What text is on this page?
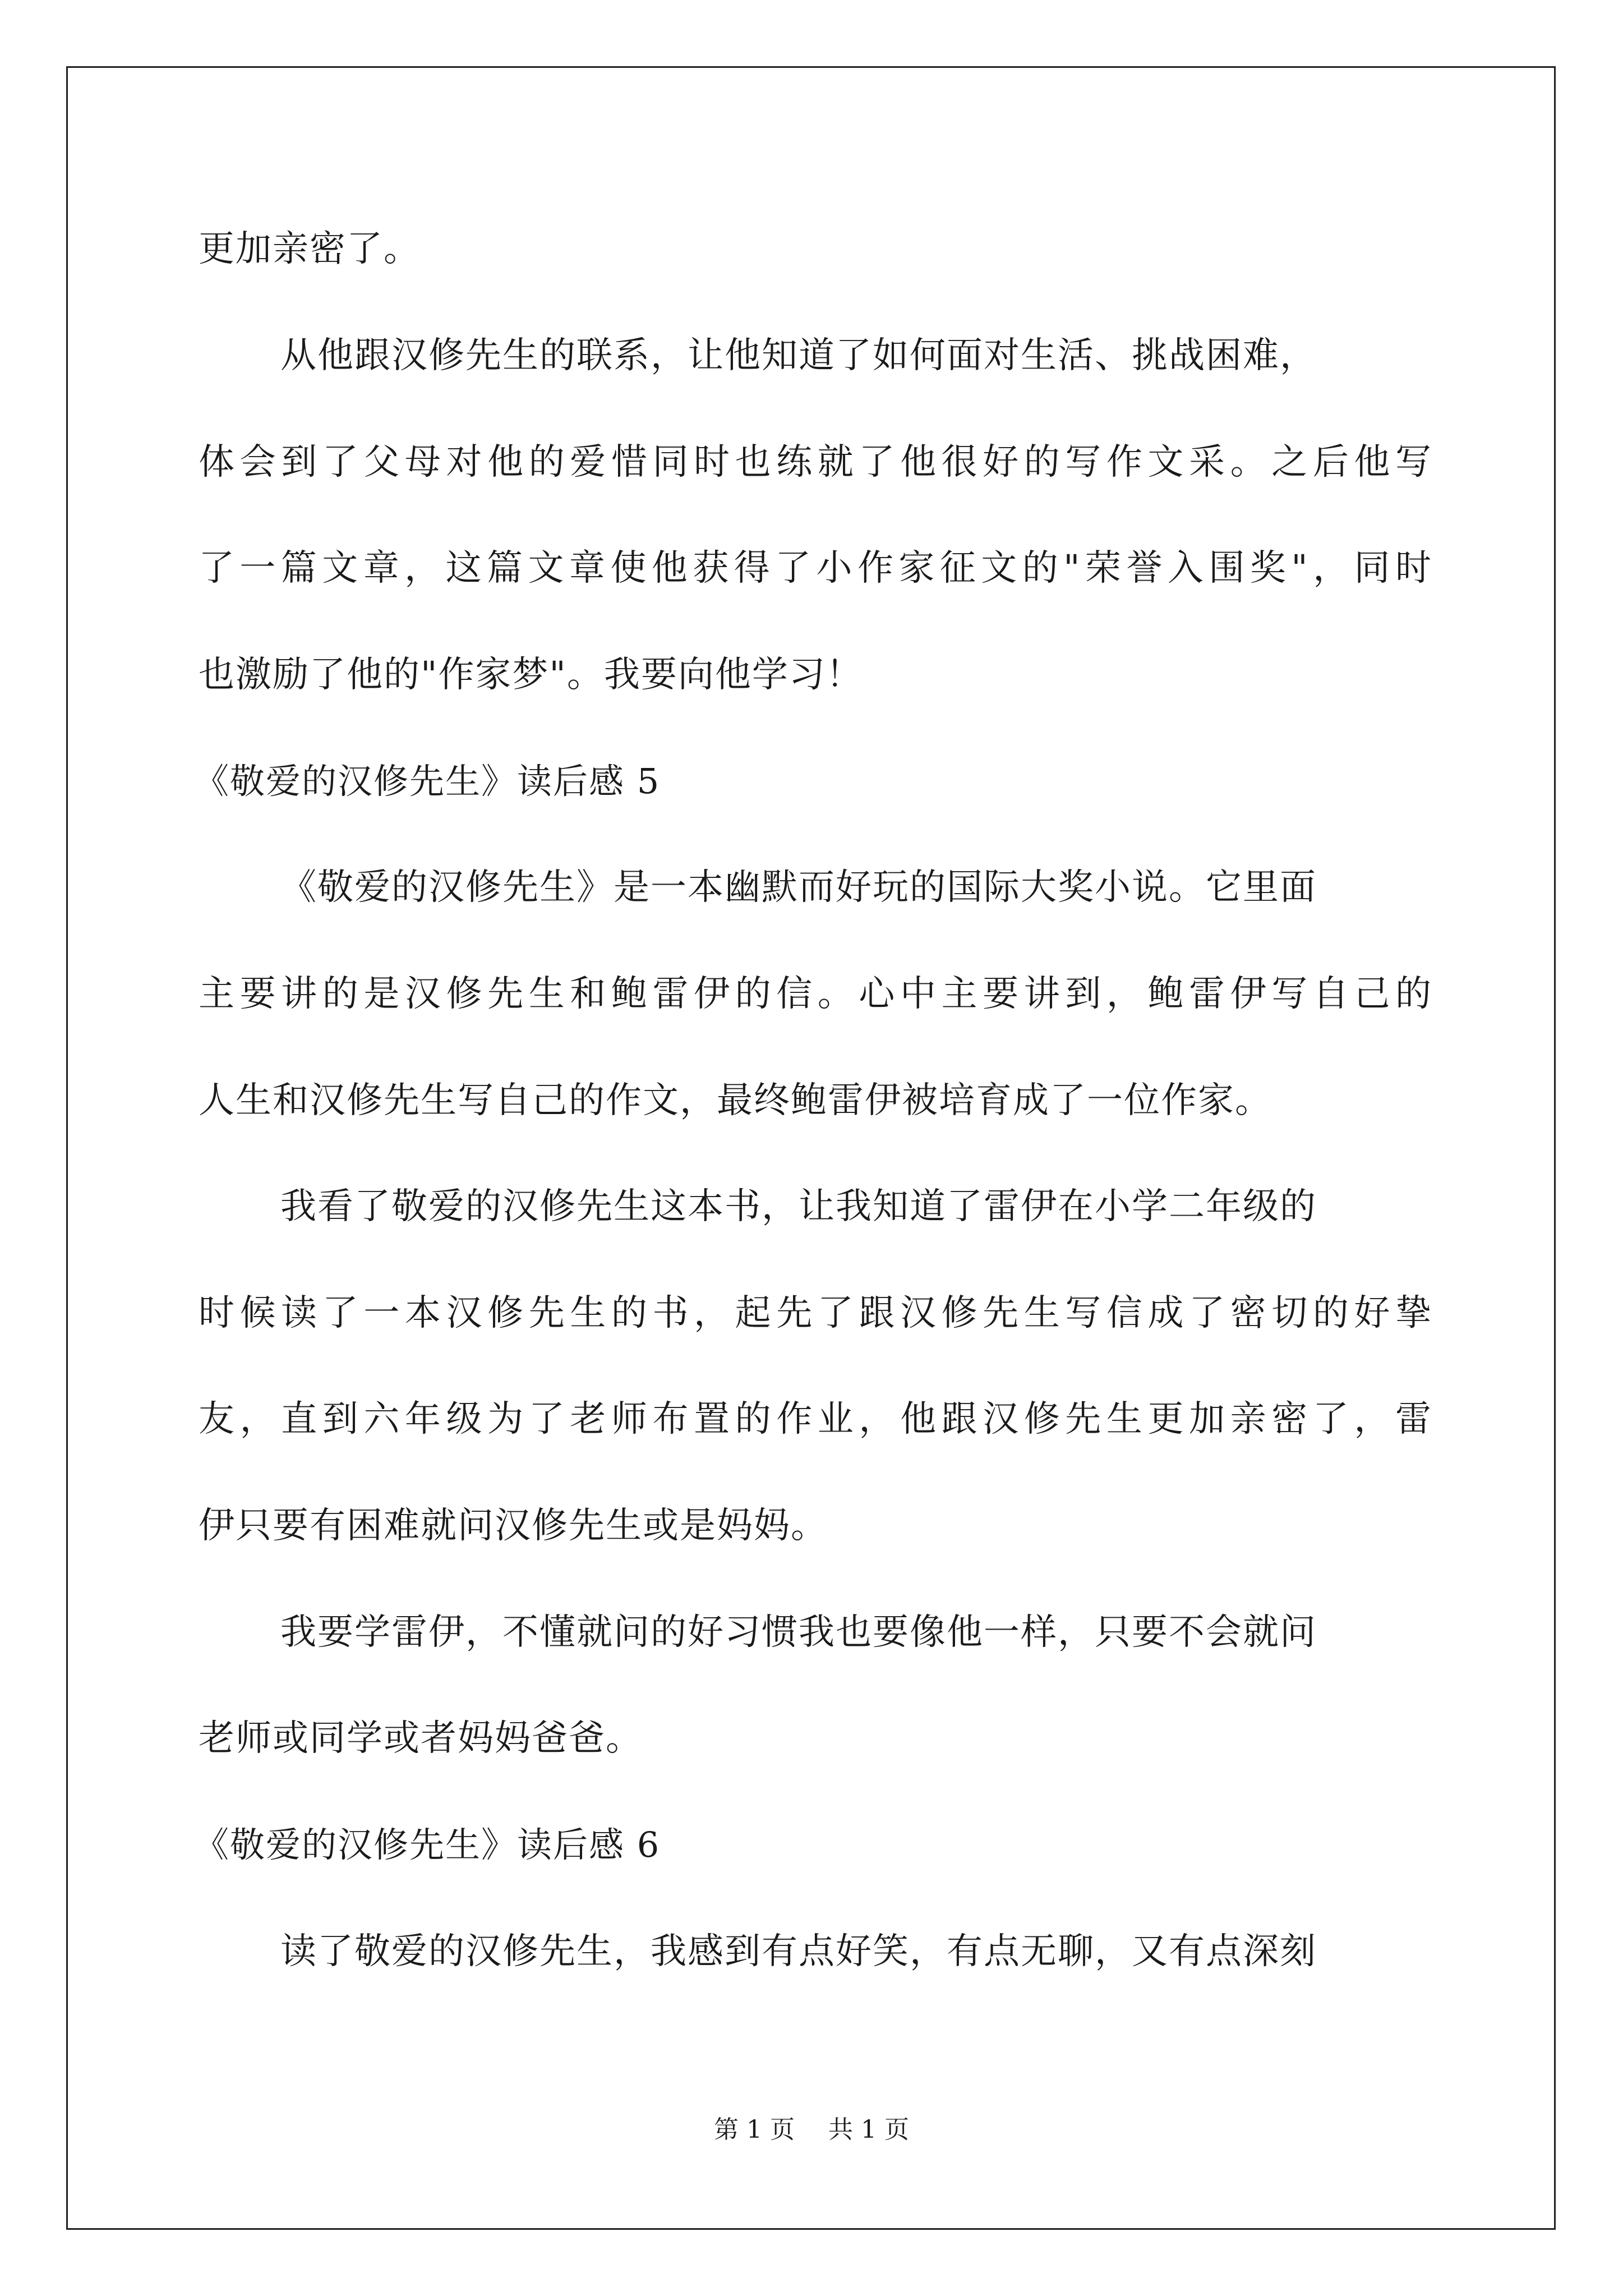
更加亲密了。
从他跟汉修先生的联系，让他知道了如何面对生活、挑战困难，
体会到了父母对他的爱惜同时也练就了他很好的写作文采。之后他写
了一篇文章，这篇文章使他获得了小作家征文的"荣誉入围奖"，同时
也激励了他的"作家梦"。我要向他学习！
《敬爱的汉修先生》读后感 5
《敬爱的汉修先生》是一本幽默而好玩的国际大奖小说。它里面
主要讲的是汉修先生和鲍雷伊的信。心中主要讲到，鲍雷伊写自己的
人生和汉修先生写自己的作文，最终鲍雷伊被培育成了一位作家。
我看了敬爱的汉修先生这本书，让我知道了雷伊在小学二年级的
时候读了一本汉修先生的书，起先了跟汉修先生写信成了密切的好挚
友，直到六年级为了老师布置的作业，他跟汉修先生更加亲密了，雷
伊只要有困难就问汉修先生或是妈妈。
我要学雷伊，不懂就问的好习惯我也要像他一样，只要不会就问
老师或同学或者妈妈爸爸。
《敬爱的汉修先生》读后感 6
读了敬爱的汉修先生，我感到有点好笑，有点无聊，又有点深刻
第 1 页 共 1 页
